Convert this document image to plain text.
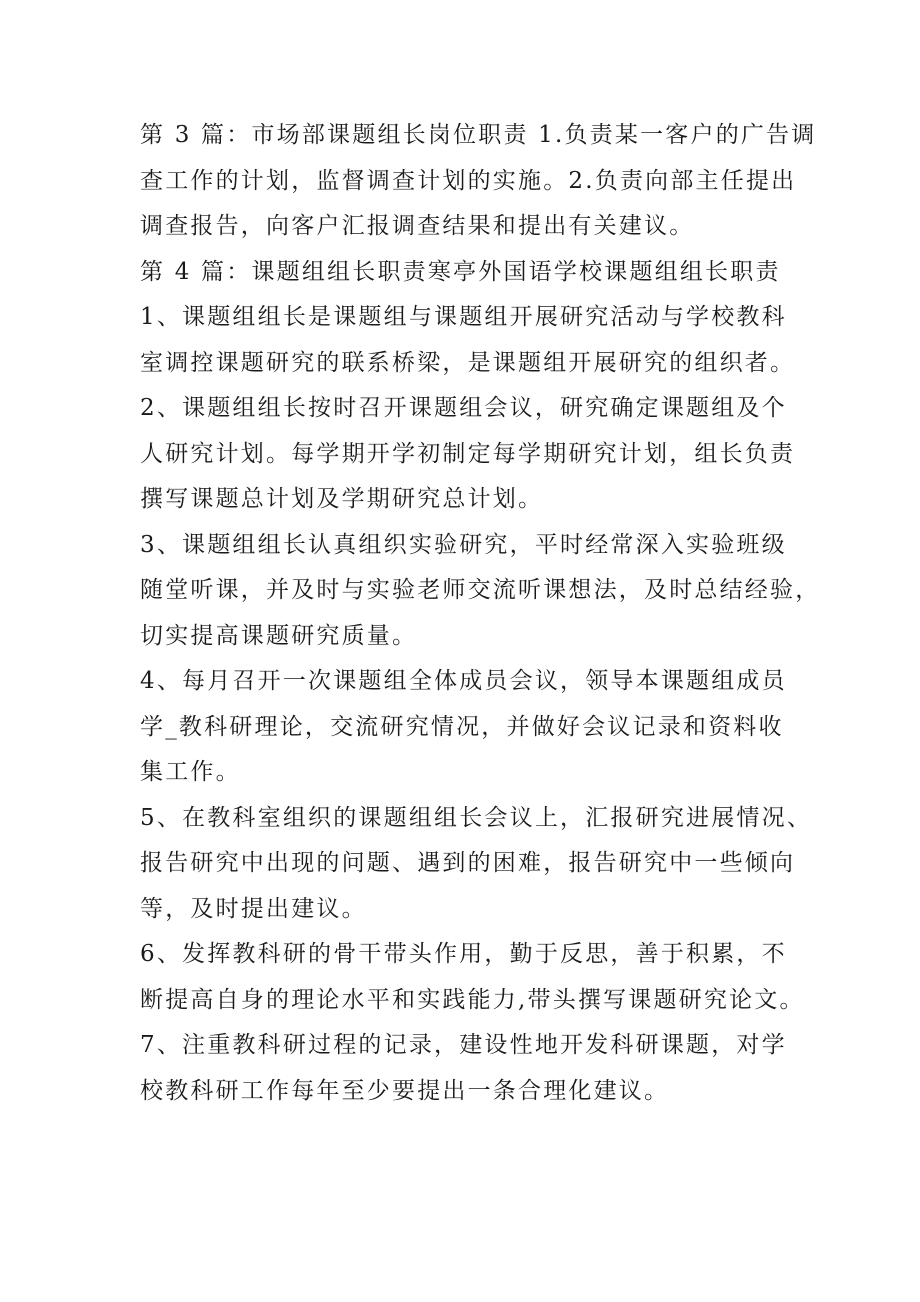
第 3 篇：市场部课题组长岗位职责 1.负责某一客户的广告调
查工作的计划，监督调查计划的实施。2.负责向部主任提出
调查报告，向客户汇报调查结果和提出有关建议。
第 4 篇：课题组组长职责寒亭外国语学校课题组组长职责
1、课题组组长是课题组与课题组开展研究活动与学校教科
室调控课题研究的联系桥梁，是课题组开展研究的组织者。
2、课题组组长按时召开课题组会议，研究确定课题组及个
人研究计划。每学期开学初制定每学期研究计划，组长负责
撰写课题总计划及学期研究总计划。
3、课题组组长认真组织实验研究，平时经常深入实验班级
随堂听课，并及时与实验老师交流听课想法，及时总结经验，
切实提高课题研究质量。
4、每月召开一次课题组全体成员会议，领导本课题组成员
学_教科研理论，交流研究情况，并做好会议记录和资料收
集工作。
5、在教科室组织的课题组组长会议上，汇报研究进展情况、
报告研究中出现的问题、遇到的困难，报告研究中一些倾向
等，及时提出建议。
6、发挥教科研的骨干带头作用，勤于反思，善于积累，不
断提高自身的理论水平和实践能力,带头撰写课题研究论文。
7、注重教科研过程的记录，建设性地开发科研课题，对学
校教科研工作每年至少要提出一条合理化建议。
